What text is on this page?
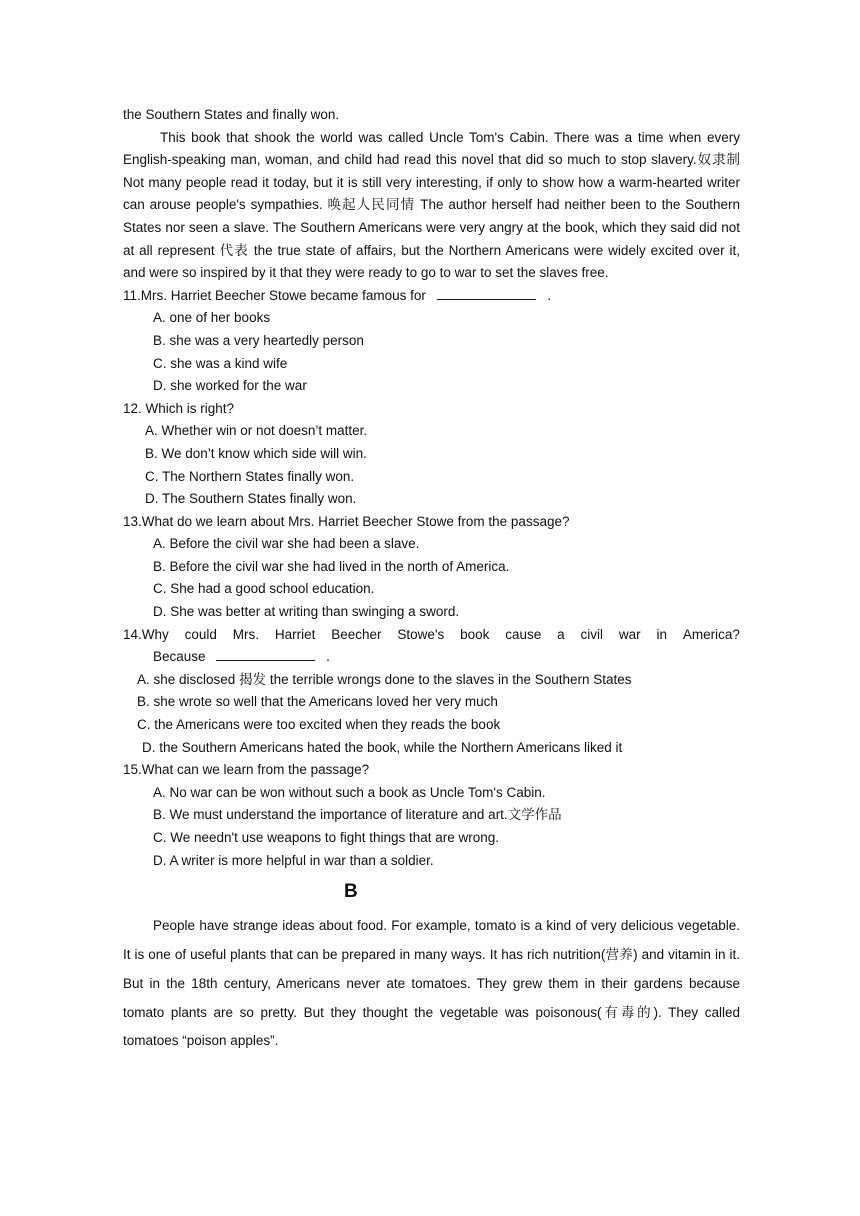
the Southern States and finally won.

This book that shook the world was called Uncle Tom's Cabin. There was a time when every English-speaking man, woman, and child had read this novel that did so much to stop slavery.奴隶制 Not many people read it today, but it is still very interesting, if only to show how a warm-hearted writer can arouse people's sympathies. 唤起人民同情 The author herself had neither been to the Southern States nor seen a slave. The Southern Americans were very angry at the book, which they said did not at all represent 代表 the true state of affairs, but the Northern Americans were widely excited over it, and were so inspired by it that they were ready to go to war to set the slaves free.

11.Mrs. Harriet Beecher Stowe became famous for	.
A. one of her books
B. she was a very heartedly person
C. she was a kind wife
D. she worked for the war
12. Which is right?
A. Whether win or not doesn’t matter.
B. We don’t know which side will win.
C. The Northern States finally won.
D. The Southern States finally won.
13.What do we learn about Mrs. Harriet Beecher Stowe from the passage?
A. Before the civil war she had been a slave.
B. Before the civil war she had lived in the north of America.
C. She had a good school education.
D. She was better at writing than swinging a sword.
14.Why could Mrs. Harriet Beecher Stowe's book cause a civil war in America?
Because	.
A. she disclosed 揭发 the terrible wrongs done to the slaves in the Southern States
B. she wrote so well that the Americans loved her very much
C. the Americans were too excited when they reads the book
D. the Southern Americans hated the book, while the Northern Americans liked it
15.What can we learn from the passage?
A. No war can be won without such a book as Uncle Tom's Cabin.
B. We must understand the importance of literature and art.文学作品
C. We needn't use weapons to fight things that are wrong.
D. A writer is more helpful in war than a soldier.
B

People have strange ideas about food. For example, tomato is a kind of very delicious vegetable. It is one of useful plants that can be prepared in many ways. It has rich nutrition(营养) and vitamin in it. But in the 18th century, Americans never ate tomatoes. They grew them in their gardens because tomato plants are so pretty. But they thought the vegetable was poisonous(有毒的). They called tomatoes “poison apples”.
